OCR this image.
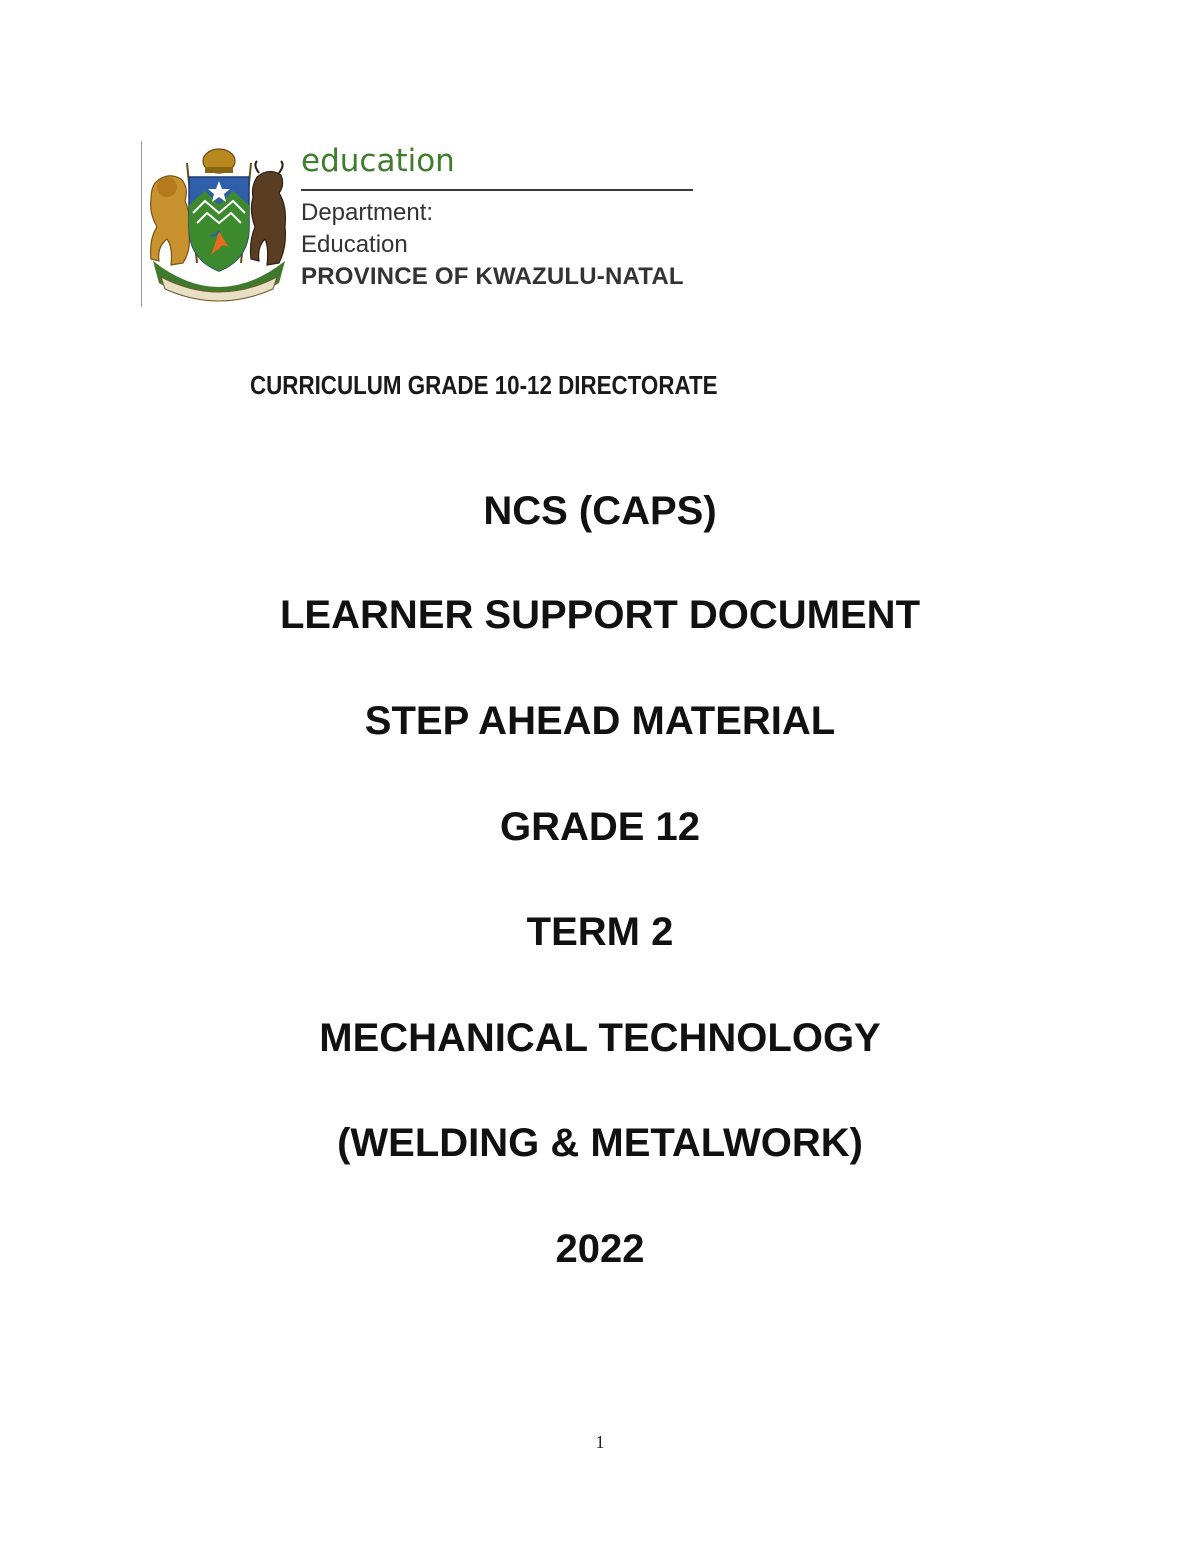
education
Department:
Education
PROVINCE OF KWAZULU-NATAL
CURRICULUM GRADE 10-12 DIRECTORATE
NCS (CAPS)
LEARNER SUPPORT DOCUMENT
STEP AHEAD MATERIAL
GRADE 12
TERM 2
MECHANICAL TECHNOLOGY
(WELDING & METALWORK)
2022
1
